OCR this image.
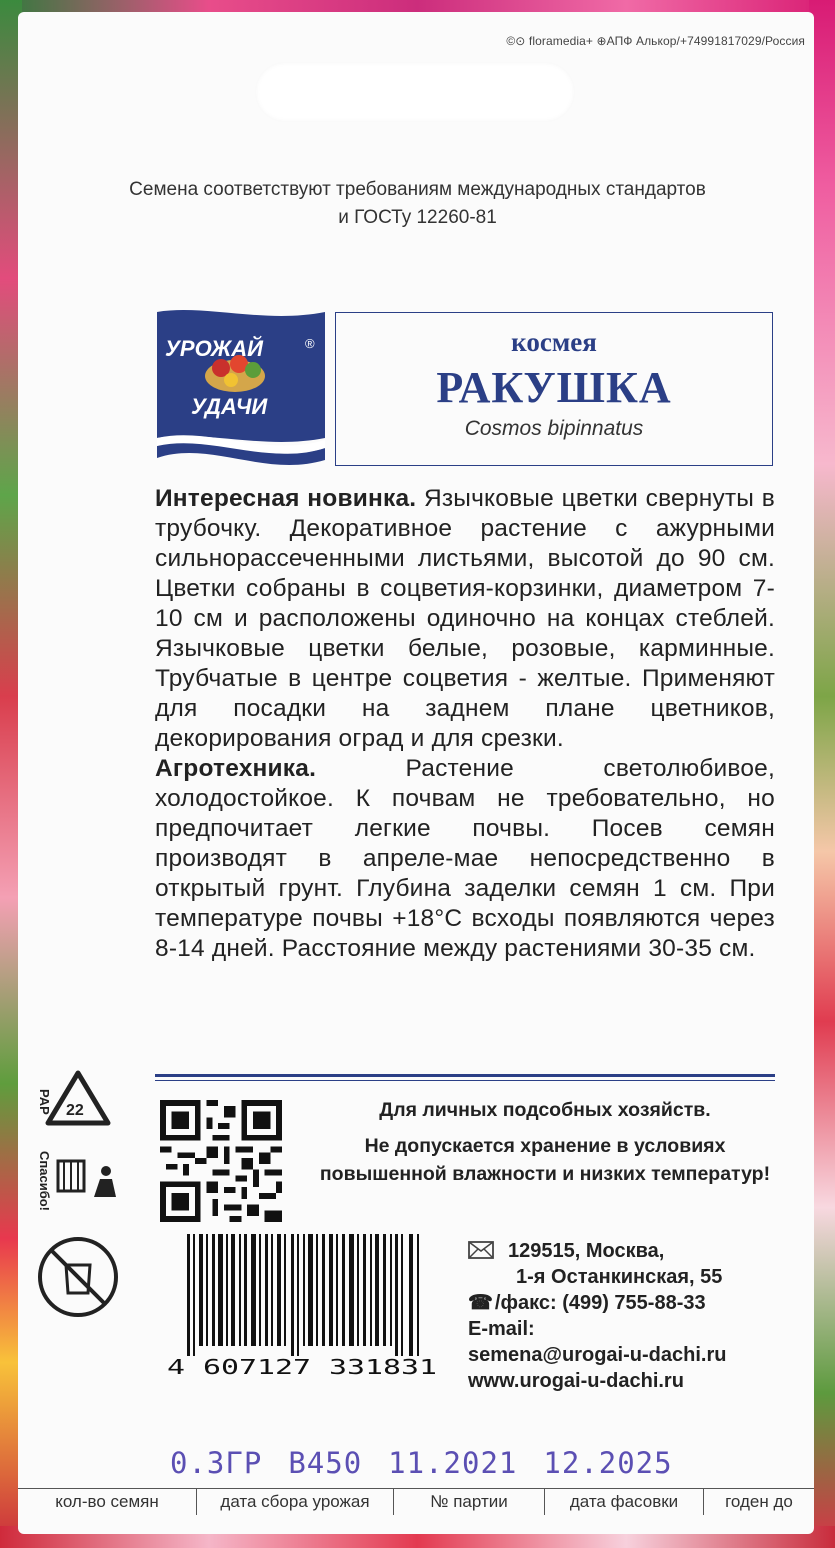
©⊙ floramedia+ ⊕АПФ Алькор/+74991817029/Россия
Семена соответствуют требованиям международных стандартов
и ГОСТу 12260-81
УРОЖАЙ
УДАЧИ
®	космея
РАКУШКА
Cosmos bipinnatus

Интересная новинка. Язычковые цветки свернуты в трубочку. Декоративное растение с ажурными сильнорассеченными листьями, высотой до 90 см. Цветки собраны в соцветия-корзинки, диаметром 7-10 см и расположены одиночно на концах стеблей. Язычковые цветки белые, розовые, карминные. Трубчатые в центре соцветия - желтые. Применяют для посадки на заднем плане цветников, декорирования оград и для срезки.

Агротехника. Растение светолюбивое, холодостойкое. К почвам не требовательно, но предпочитает легкие почвы. Посев семян производят в апреле-мае непосредственно в открытый грунт. Глубина заделки семян 1 см. При температуре почвы +18°С всходы появляются через 8-14 дней. Расстояние между растениями 30-35 см.

22
PAP
Спасибо!
Для личных подсобных хозяйств.
Не допускается хранение в условиях повышенной влажности и низких температур!
4 607127 331831
129515, Москва,
1-я Останкинская, 55
☎ /факс: (499) 755-88-33
E-mail:
semena@urogai-u-dachi.ru
www.urogai-u-dachi.ru
0.3ГР В450 11.2021 12.2025
кол-во семян	дата сбора урожая	№ партии	дата фасовки	годен до
